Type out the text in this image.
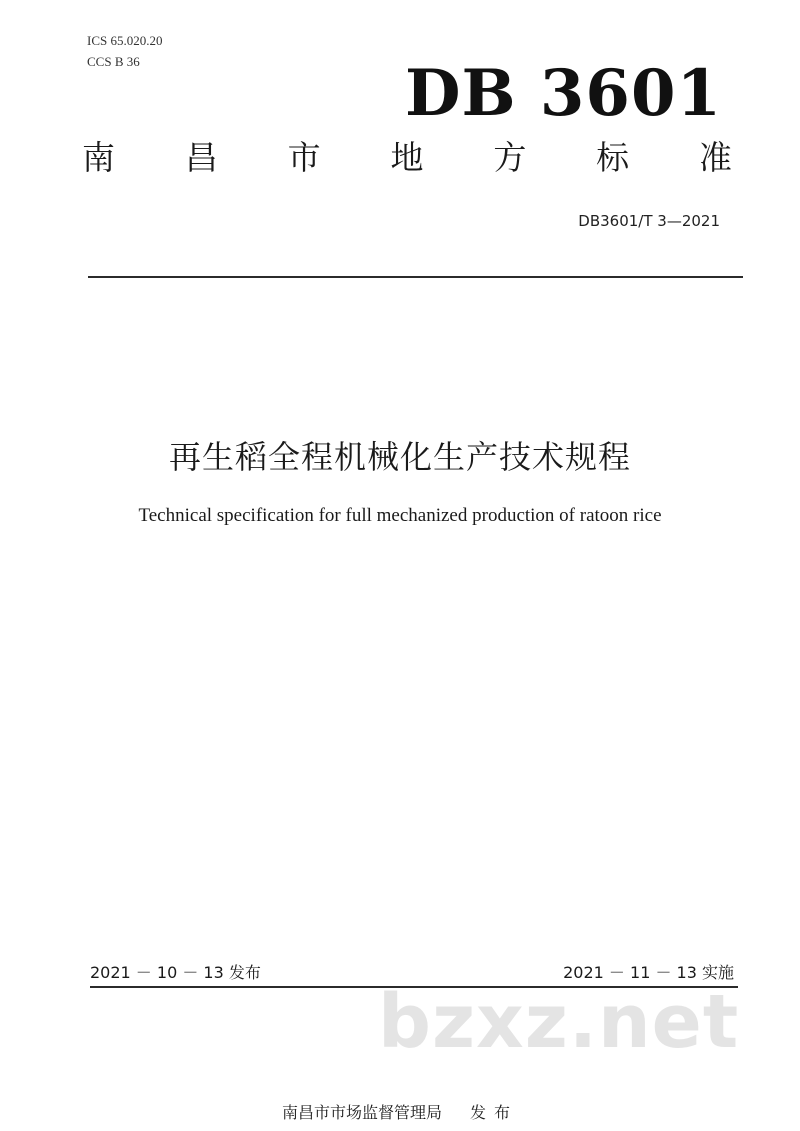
ICS 65.020.20
CCS B 36	DB 3601
南 昌 市 地 方 标 准
DB3601/T 3—2021
再生稻全程机械化生产技术规程
Technical specification for full mechanized production of ratoon rice
2021 － 10 － 13 发布	2021 － 11 － 13 实施
bzxz.net
南昌市市场监督管理局 发布
